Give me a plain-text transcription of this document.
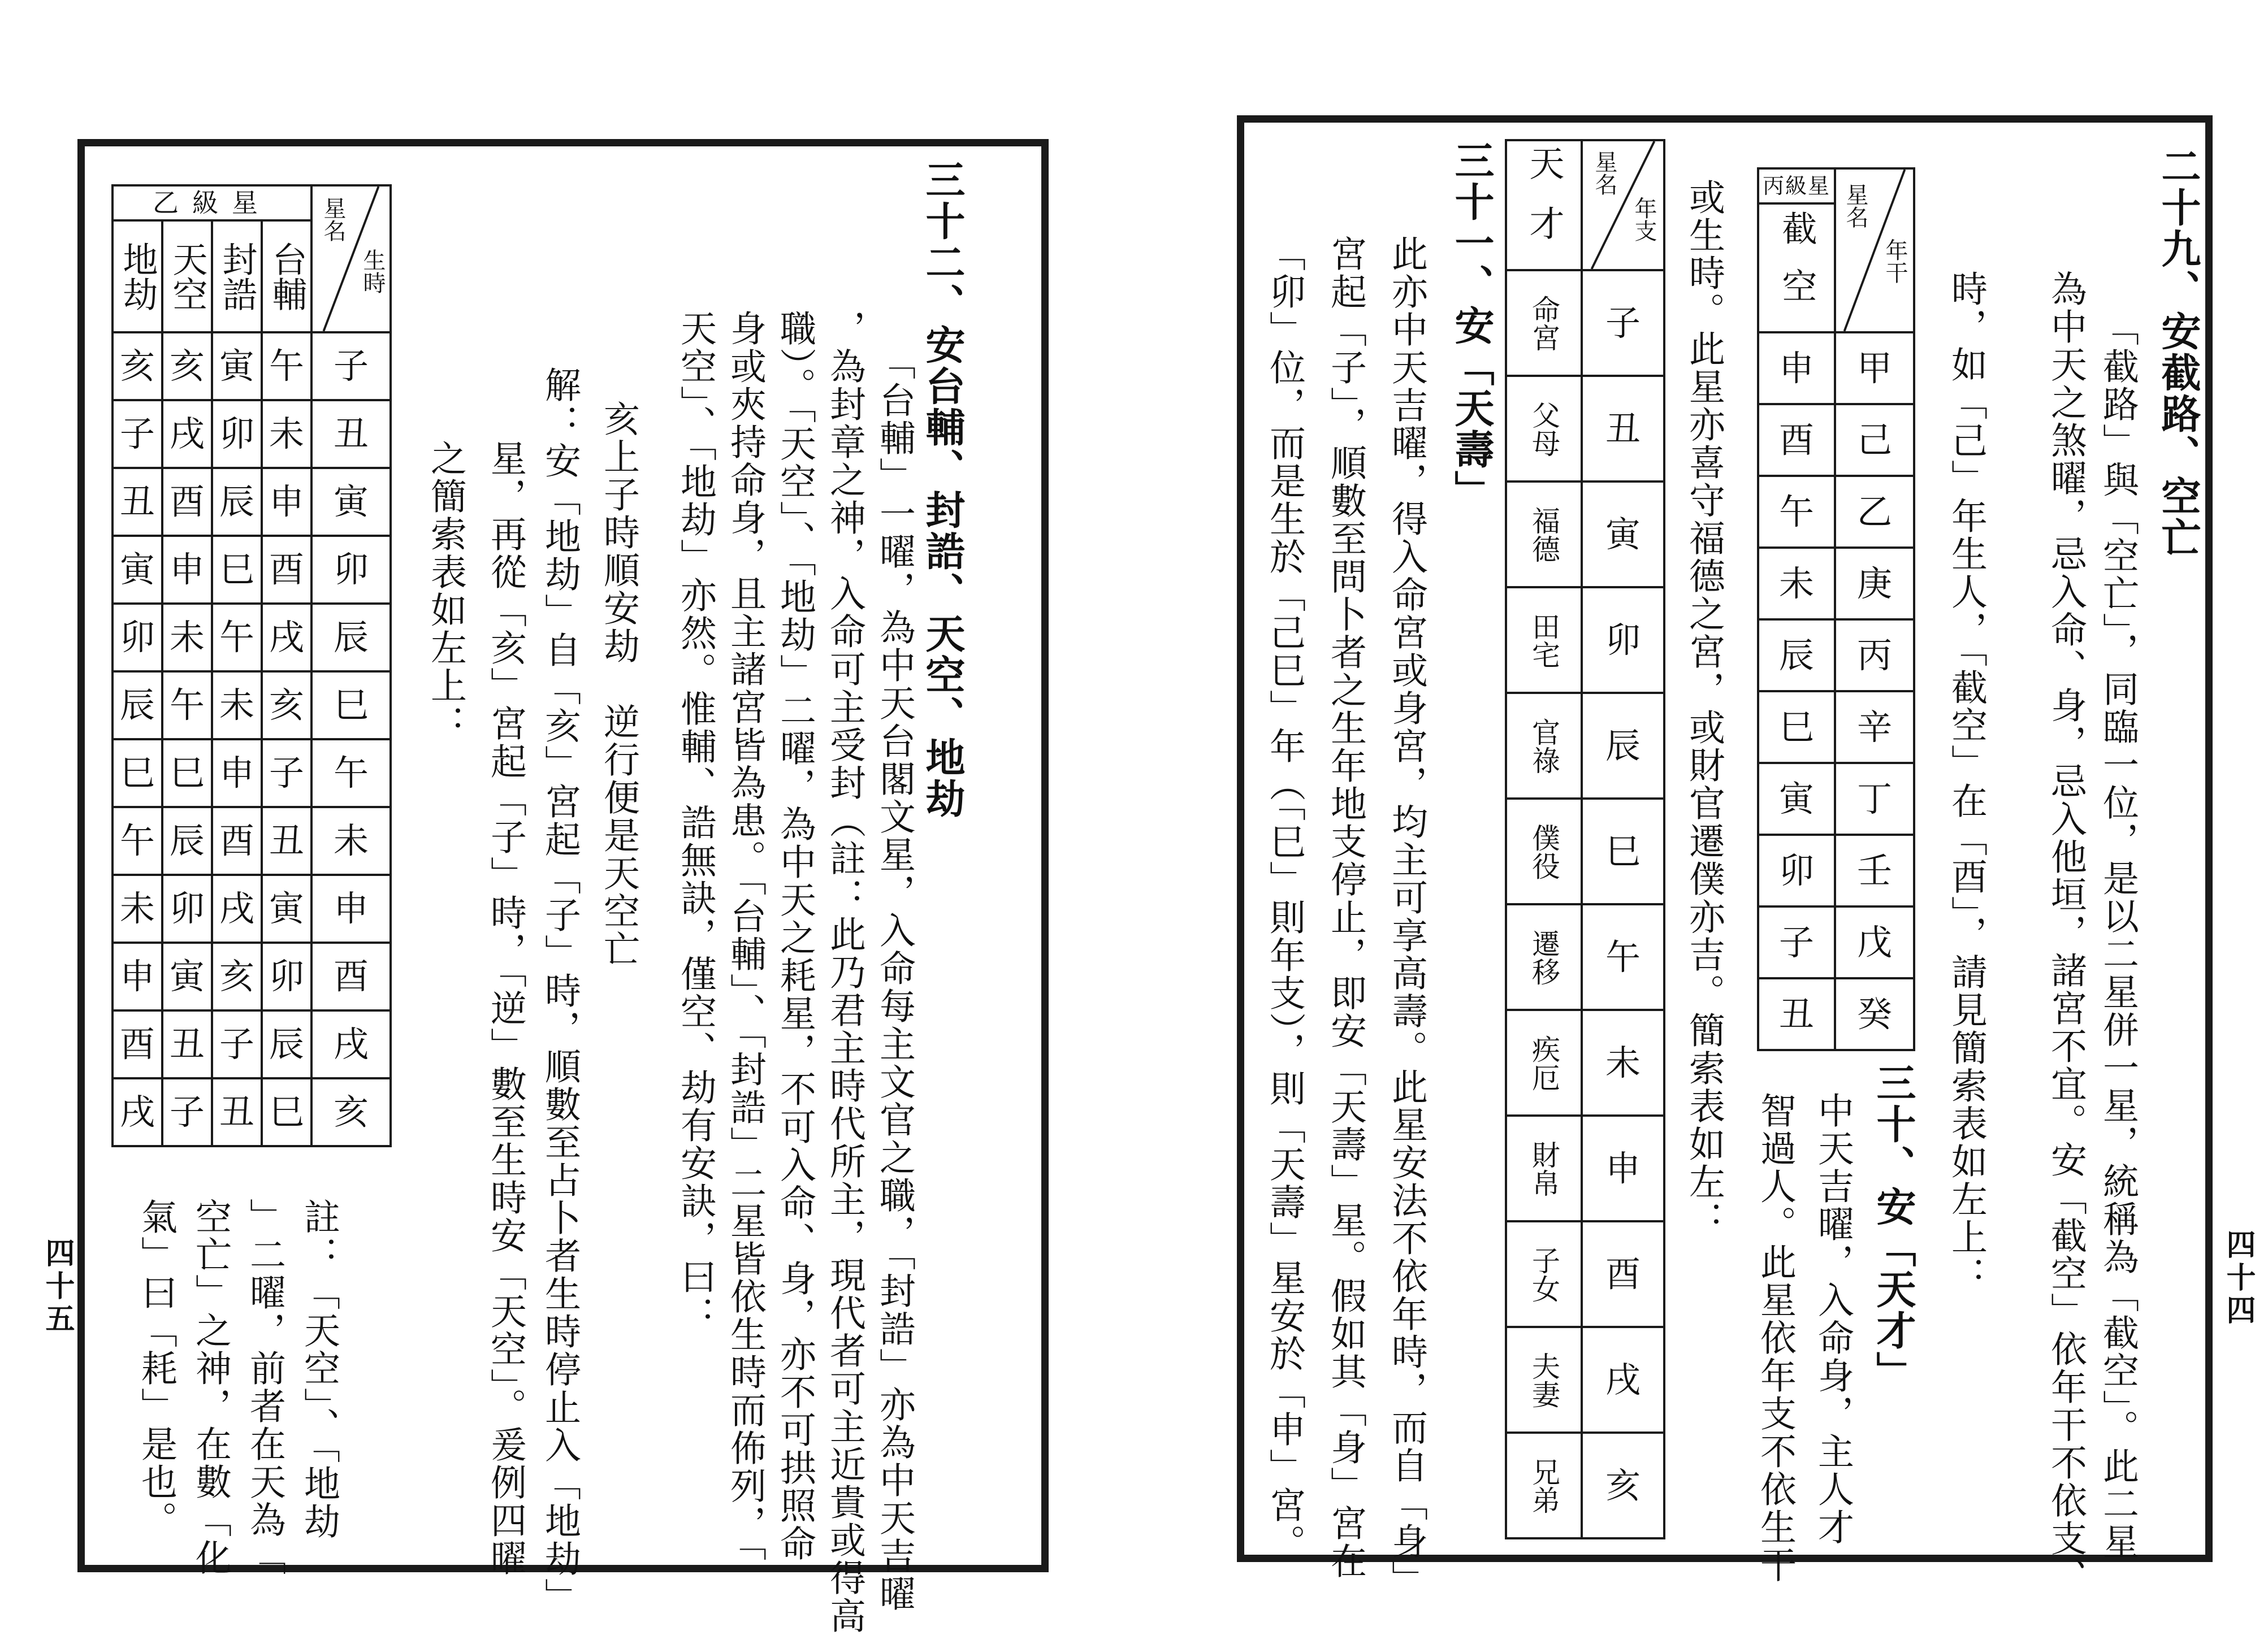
乙級星				星名
生時

地劫	天空	封誥	台輔	
亥	亥	寅	午	子
子	戌	卯	未	丑
丑	酉	辰	申	寅
寅	申	巳	酉	卯
卯	未	午	戌	辰
辰	午	未	亥	巳
巳	巳	申	子	午
午	辰	酉	丑	未
未	卯	戌	寅	申
申	寅	亥	卯	酉
酉	丑	子	辰	戌
戌	子	丑	巳	亥
三十二、安台輔、封誥、天空、地劫
「台輔」一曜，為中天台閣文星，入命每主文官之職，「封誥」亦為中天吉曜
，為封章之神，入命可主受封（註：此乃君主時代所主，現代者可主近貴或得高
職）。「天空」、「地劫」二曜，為中天之耗星，不可入命、身，亦不可拱照命
身或夾持命身，且主諸宮皆為患。「台輔」、「封誥」二星皆依生時而佈列，「
天空」、「地劫」亦然。惟輔、誥無訣，僅空、劫有安訣，曰：
亥上子時順安劫　逆行便是天空亡
解：安「地劫」自「亥」宮起「子」時，順數至占卜者生時停止入「地劫」
星，再從「亥」宮起「子」時，「逆」數至生時安「天空」。爰例四曜
之簡索表如左上：
註：「天空」、「地劫
」二曜，前者在天為「
空亡」之神，在數「化
氣」曰「耗」是也。
四十五
二十九、安截路、空亡
「截路」與「空亡」，同臨一位，是以二星併一星，統稱為「截空」。此二星
為中天之煞曜，忌入命、身，忌入他垣，諸宮不宜。安「截空」依年干不依支、
時，如「己」年生人，「截空」在「酉」，請見簡索表如左上：
丙級星	星名
年干

截空	
申	甲
酉	己
午	乙
未	庚
辰	丙
巳	辛
寅	丁
卯	壬
子	戊
丑	癸
中天吉曜，入命身，主人才
智過人。此星依年支不依生干 三十、安「天才」
或生時。此星亦喜守福德之宮，或財官遷僕亦吉。簡索表如左：
三十一、安「天壽」
此亦中天吉曜，得入命宮或身宮，均主可享高壽。此星安法不依年時，而自「身」
宮起「子」，順數至問卜者之生年地支停止，即安「天壽」星。假如其「身」宮在
「卯」位，而是生於「己巳」年（「巳」則年支），則「天壽」星安於「申」宮。
天才	星名
年支

命宮	子
父母	丑
福德	寅
田宅	卯
官祿	辰
僕役	巳
遷移	午
疾厄	未
財帛	申
子女	酉
夫妻	戌
兄弟	亥
四十四
